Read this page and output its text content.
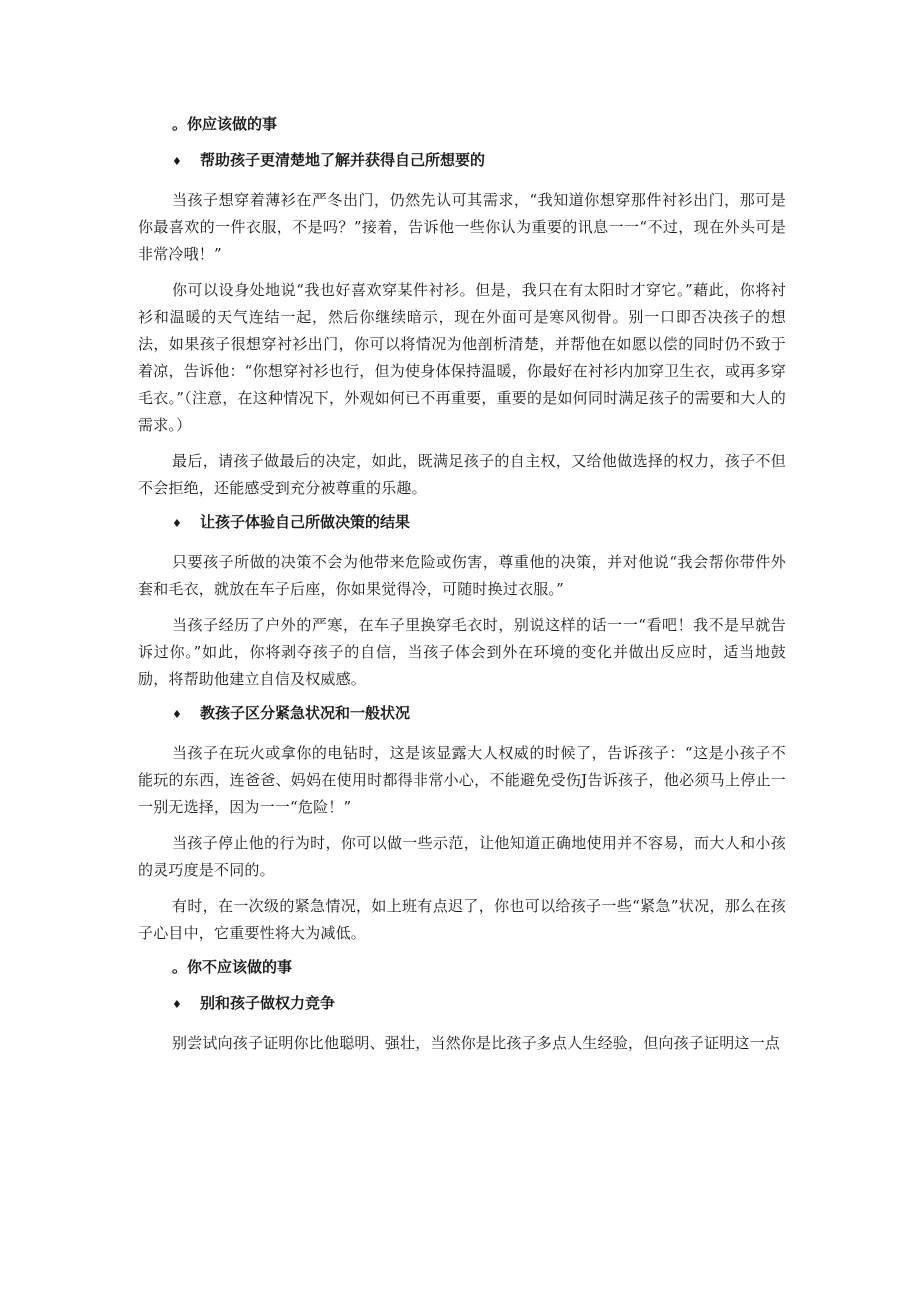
。你应该做的事
♦ 帮助孩子更清楚地了解并获得自己所想要的

当孩子想穿着薄衫在严冬出门，仍然先认可其需求，“我知道你想穿那件衬衫出门，那可是你最喜欢的一件衣服，不是吗？”接着，告诉他一些你认为重要的讯息一一“不过，现在外头可是非常冷哦！”

你可以设身处地说“我也好喜欢穿某件衬衫。但是，我只在有太阳时才穿它。”藉此，你将衬衫和温暖的天气连结一起，然后你继续暗示，现在外面可是寒风彻骨。别一口即否决孩子的想法，如果孩子很想穿衬衫出门，你可以将情况为他剖析清楚，并帮他在如愿以偿的同时仍不致于着凉，告诉他：“你想穿衬衫也行，但为使身体保持温暖，你最好在衬衫内加穿卫生衣，或再多穿毛衣。”（注意，在这种情况下，外观如何已不再重要，重要的是如何同时满足孩子的需要和大人的需求。）

最后，请孩子做最后的决定，如此，既满足孩子的自主权，又给他做选择的权力，孩子不但不会拒绝，还能感受到充分被尊重的乐趣。

♦ 让孩子体验自己所做决策的结果

只要孩子所做的决策不会为他带来危险或伤害，尊重他的决策，并对他说“我会帮你带件外套和毛衣，就放在车子后座，你如果觉得冷，可随时换过衣服。”

当孩子经历了户外的严寒，在车子里换穿毛衣时，别说这样的话一一“看吧！我不是早就告诉过你。”如此，你将剥夺孩子的自信，当孩子体会到外在环境的变化并做出反应时，适当地鼓励，将帮助他建立自信及权威感。

♦ 教孩子区分紧急状况和一般状况

当孩子在玩火或拿你的电钻时，这是该显露大人权威的时候了，告诉孩子：“这是小孩子不能玩的东西，连爸爸、妈妈在使用时都得非常小心，不能避免受伤J告诉孩子，他必须马上停止一一别无选择，因为一一“危险！”

当孩子停止他的行为时，你可以做一些示范，让他知道正确地使用并不容易，而大人和小孩的灵巧度是不同的。

有时，在一次级的紧急情况，如上班有点迟了，你也可以给孩子一些“紧急”状况，那么在孩子心目中，它重要性将大为减低。

。你不应该做的事
♦ 别和孩子做权力竞争

别尝试向孩子证明你比他聪明、强壮，当然你是比孩子多点人生经验，但向孩子证明这一点
